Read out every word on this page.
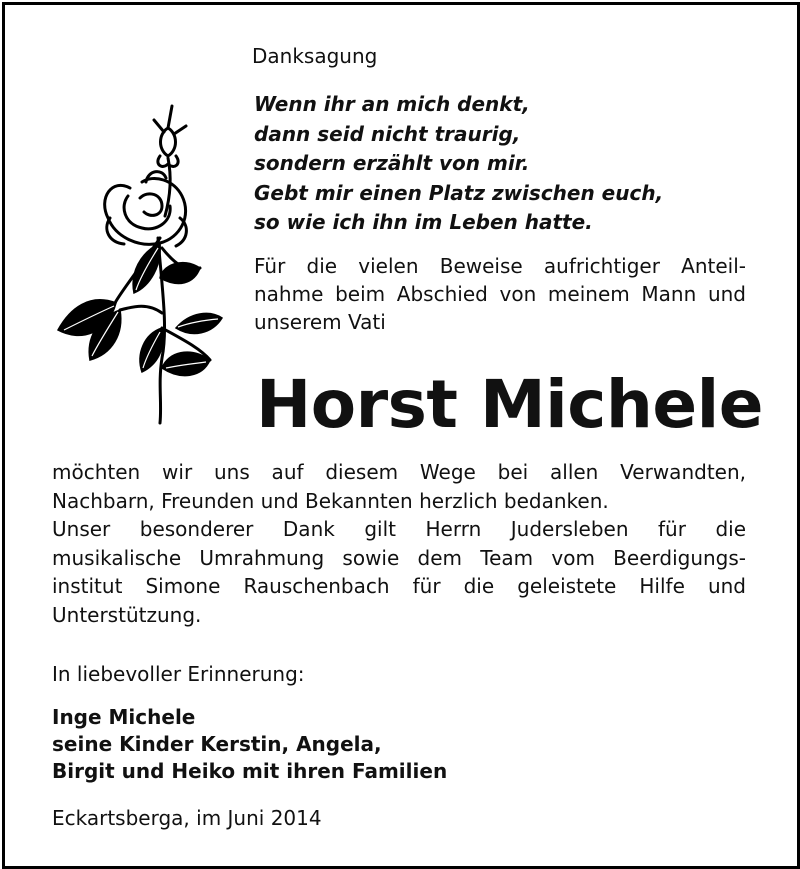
Danksagung
Wenn ihr an mich denkt,
dann seid nicht traurig,
sondern erzählt von mir.
Gebt mir einen Platz zwischen euch,
so wie ich ihn im Leben hatte.
Für die vielen Beweise aufrichtiger Anteil-
nahme beim Abschied von meinem Mann und
unserem Vati
Horst Michele
möchten wir uns auf diesem Wege bei allen Verwandten,
Nachbarn, Freunden und Bekannten herzlich bedanken.
Unser besonderer Dank gilt Herrn Judersleben für die
musikalische Umrahmung sowie dem Team vom Beerdigungs-
institut Simone Rauschenbach für die geleistete Hilfe und
Unterstützung.
In liebevoller Erinnerung:
Inge Michele
seine Kinder Kerstin, Angela,
Birgit und Heiko mit ihren Familien
Eckartsberga, im Juni 2014
